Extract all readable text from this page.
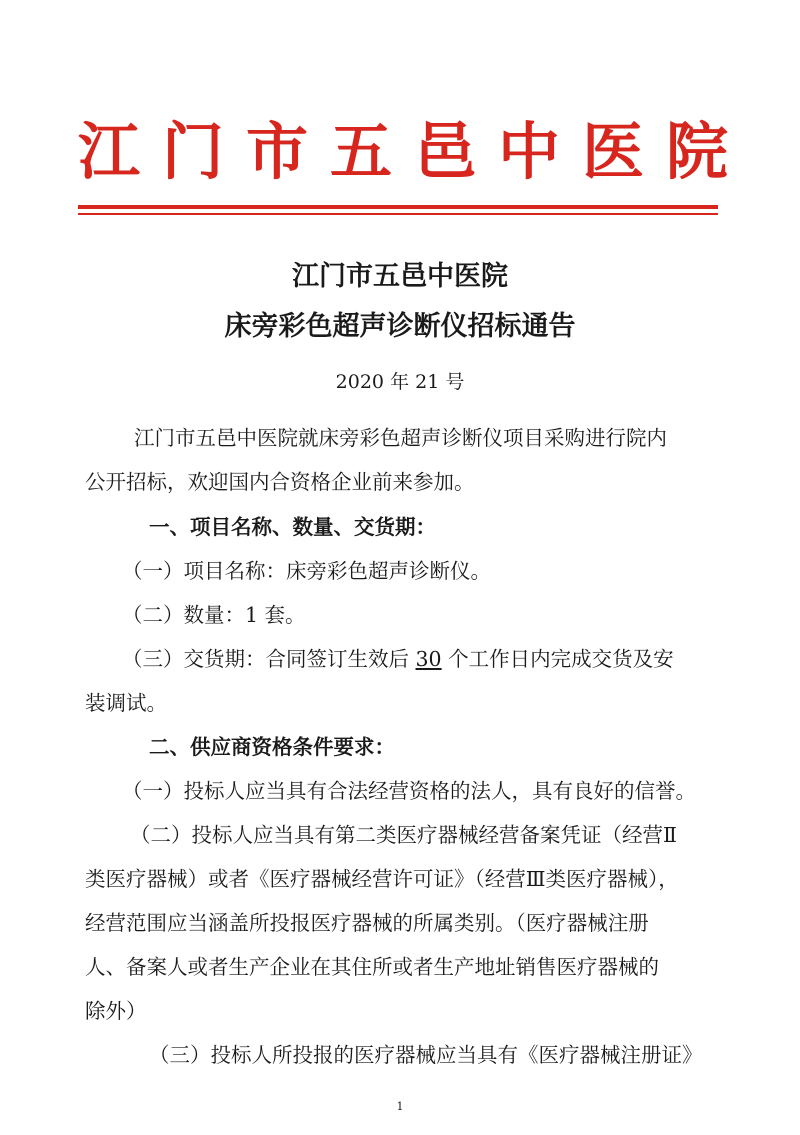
江门市五邑中医院
江门市五邑中医院
床旁彩色超声诊断仪招标通告
2020 年 21 号
江门市五邑中医院就床旁彩色超声诊断仪项目采购进行院内
公开招标，欢迎国内合资格企业前来参加。
一、项目名称、数量、交货期：
（一）项目名称：床旁彩色超声诊断仪。
（二）数量：1 套。
（三）交货期：合同签订生效后 30 个工作日内完成交货及安
装调试。
二、供应商资格条件要求：
（一）投标人应当具有合法经营资格的法人，具有良好的信誉。
（二）投标人应当具有第二类医疗器械经营备案凭证（经营Ⅱ
类医疗器械）或者《医疗器械经营许可证》（经营Ⅲ类医疗器械），
经营范围应当涵盖所投报医疗器械的所属类别。（医疗器械注册
人、备案人或者生产企业在其住所或者生产地址销售医疗器械的
除外）
（三）投标人所投报的医疗器械应当具有《医疗器械注册证》
1
